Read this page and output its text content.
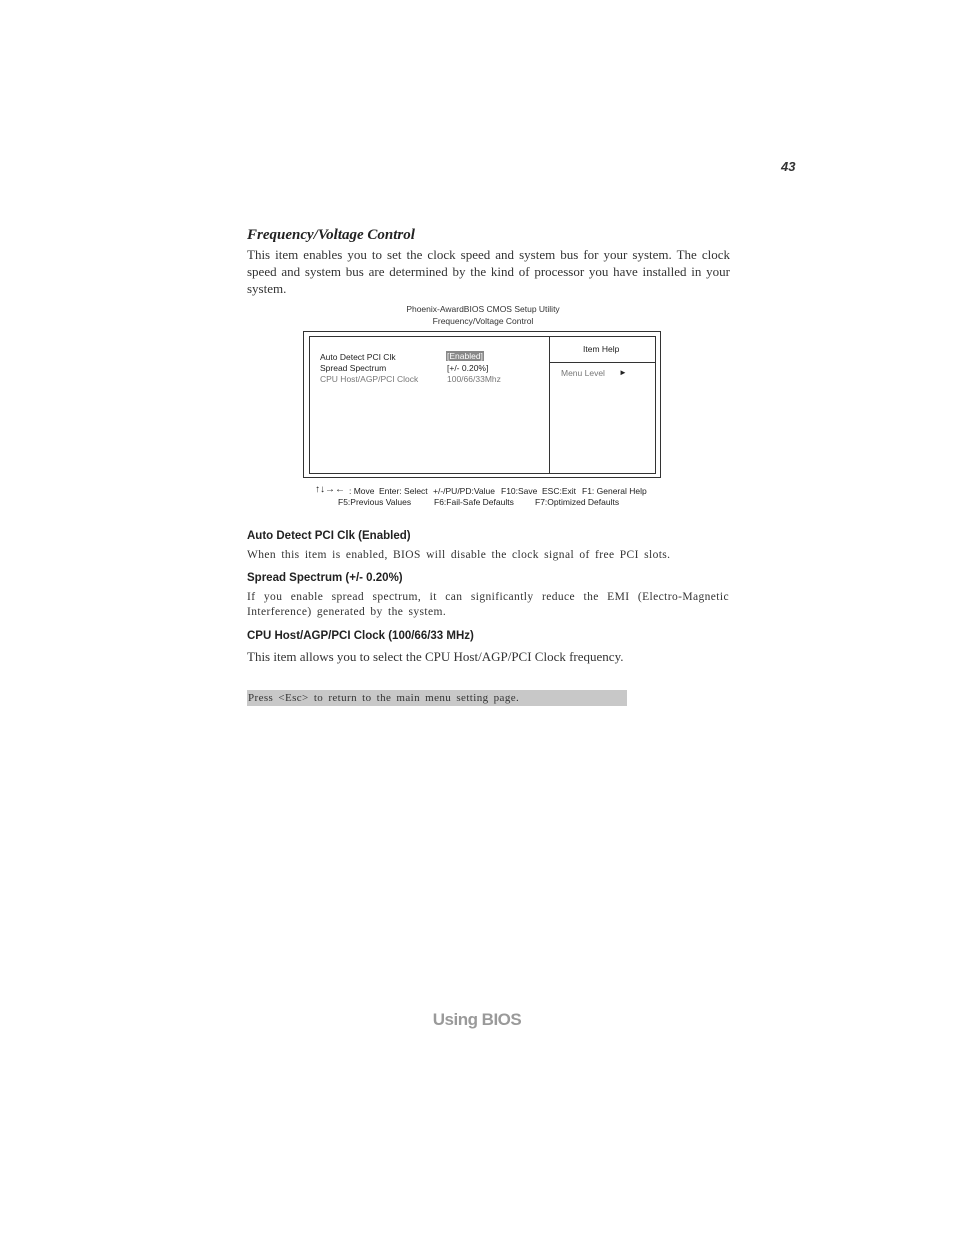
43
Frequency/Voltage Control

This item enables you to set the clock speed and system bus for your system. The clock speed and system bus are determined by the kind of processor you have installed in your system.

Phoenix-AwardBIOS CMOS Setup Utility
Frequency/Voltage Control
Auto Detect PCI Clk	[Enabled]
Spread Spectrum	[+/- 0.20%]
CPU Host/AGP/PCI Clock	100/66/33Mhz
Item Help
Menu Level ►
↑↓→← : Move Enter: Select +/-/PU/PD:Value F10:Save ESC:Exit F1: General Help
F5:Previous Values	F6:Fail-Safe Defaults F7:Optimized Defaults
Auto Detect PCI Clk (Enabled)

When this item is enabled, BIOS will disable the clock signal of free PCI slots.

Spread Spectrum (+/- 0.20%)

If you enable spread spectrum, it can significantly reduce the EMI (Electro-Magnetic Interference) generated by the system.

CPU Host/AGP/PCI Clock (100/66/33 MHz)
This item allows you to select the CPU Host/AGP/PCI Clock frequency.
Press <Esc> to return to the main menu setting page.
Using BIOS
